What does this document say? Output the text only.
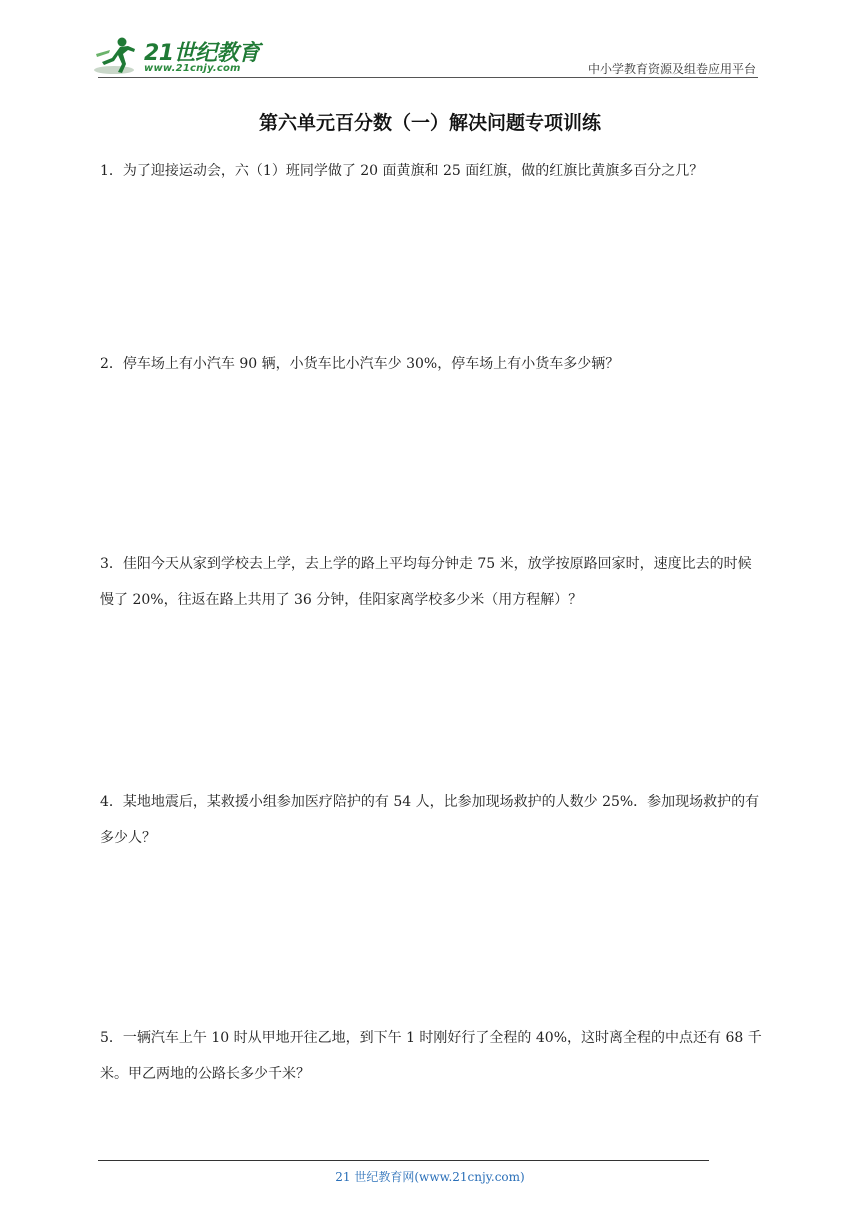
21世纪教育
www.21cnjy.com	中小学教育资源及组卷应用平台
第六单元百分数（一）解决问题专项训练
1．为了迎接运动会，六（1）班同学做了 20 面黄旗和 25 面红旗，做的红旗比黄旗多百分之几？
2．停车场上有小汽车 90 辆，小货车比小汽车少 30%，停车场上有小货车多少辆？
3．佳阳今天从家到学校去上学，去上学的路上平均每分钟走 75 米，放学按原路回家时，速度比去的时候慢了 20%，往返在路上共用了 36 分钟，佳阳家离学校多少米（用方程解）？
4．某地地震后，某救援小组参加医疗陪护的有 54 人，比参加现场救护的人数少 25%．参加现场救护的有多少人？
5．一辆汽车上午 10 时从甲地开往乙地，到下午 1 时刚好行了全程的 40%，这时离全程的中点还有 68 千米。甲乙两地的公路长多少千米？
21 世纪教育网(www.21cnjy.com)
